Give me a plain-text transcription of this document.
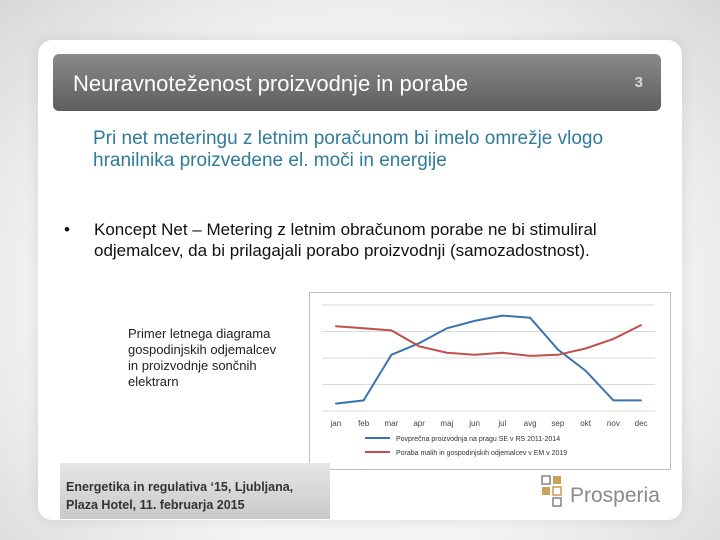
Neuravnoteženost proizvodnje in porabe	3
Pri net meteringu z letnim poračunom bi imelo omrežje vlogo hranilnika proizvedene el. moči in energije
• Koncept Net – Metering z letnim obračunom porabe ne bi stimuliral odjemalcev, da bi prilagajali porabo proizvodnji (samozadostnost).
Primer letnega diagrama gospodinjskih odjemalcev in proizvodnje sončnih elektrarn
jan feb mar apr maj jun jul avg sep okt nov dec
Povprečna proizvodnja na pragu SE v RS 2011-2014
Poraba malih in gospodinjskih odjemalcev v EM v 2019
Energetika in regulativa ‘15, Ljubljana,
Plaza Hotel, 11. februarja 2015	Prosperia
